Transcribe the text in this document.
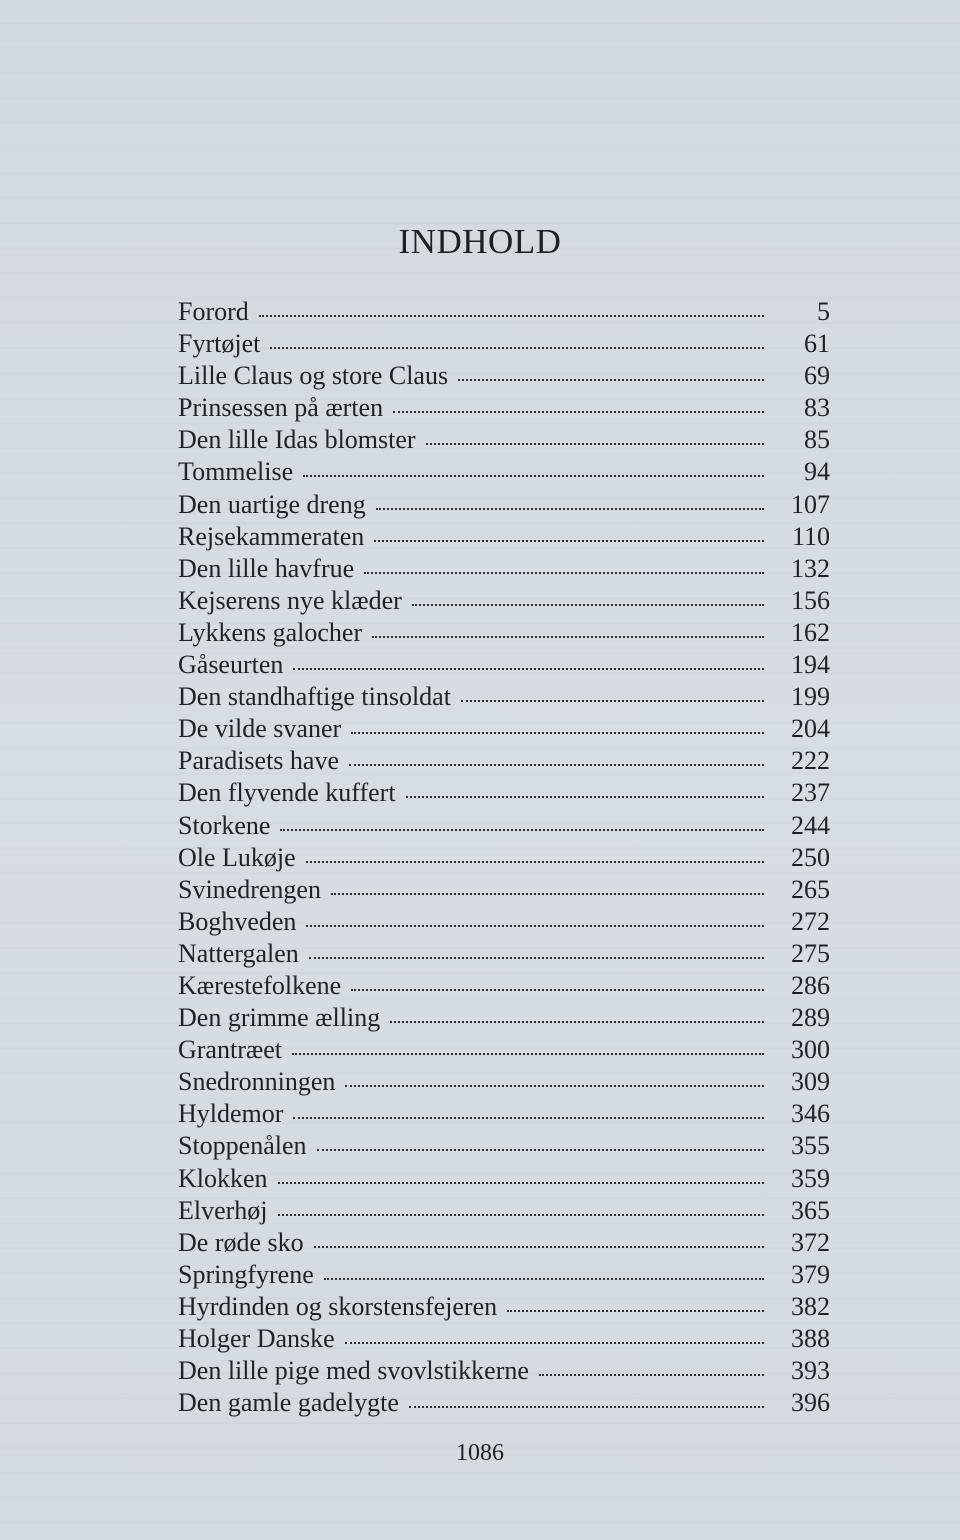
INDHOLD
Forord	5
Fyrtøjet	61
Lille Claus og store Claus	69
Prinsessen på ærten	83
Den lille Idas blomster	85
Tommelise	94
Den uartige dreng	107
Rejsekammeraten	110
Den lille havfrue	132
Kejserens nye klæder	156
Lykkens galocher	162
Gåseurten	194
Den standhaftige tinsoldat	199
De vilde svaner	204
Paradisets have	222
Den flyvende kuffert	237
Storkene	244
Ole Lukøje	250
Svinedrengen	265
Boghveden	272
Nattergalen	275
Kærestefolkene	286
Den grimme ælling	289
Grantræet	300
Snedronningen	309
Hyldemor	346
Stoppenålen	355
Klokken	359
Elverhøj	365
De røde sko	372
Springfyrene	379
Hyrdinden og skorstensfejeren	382
Holger Danske	388
Den lille pige med svovlstikkerne	393
Den gamle gadelygte	396
1086
